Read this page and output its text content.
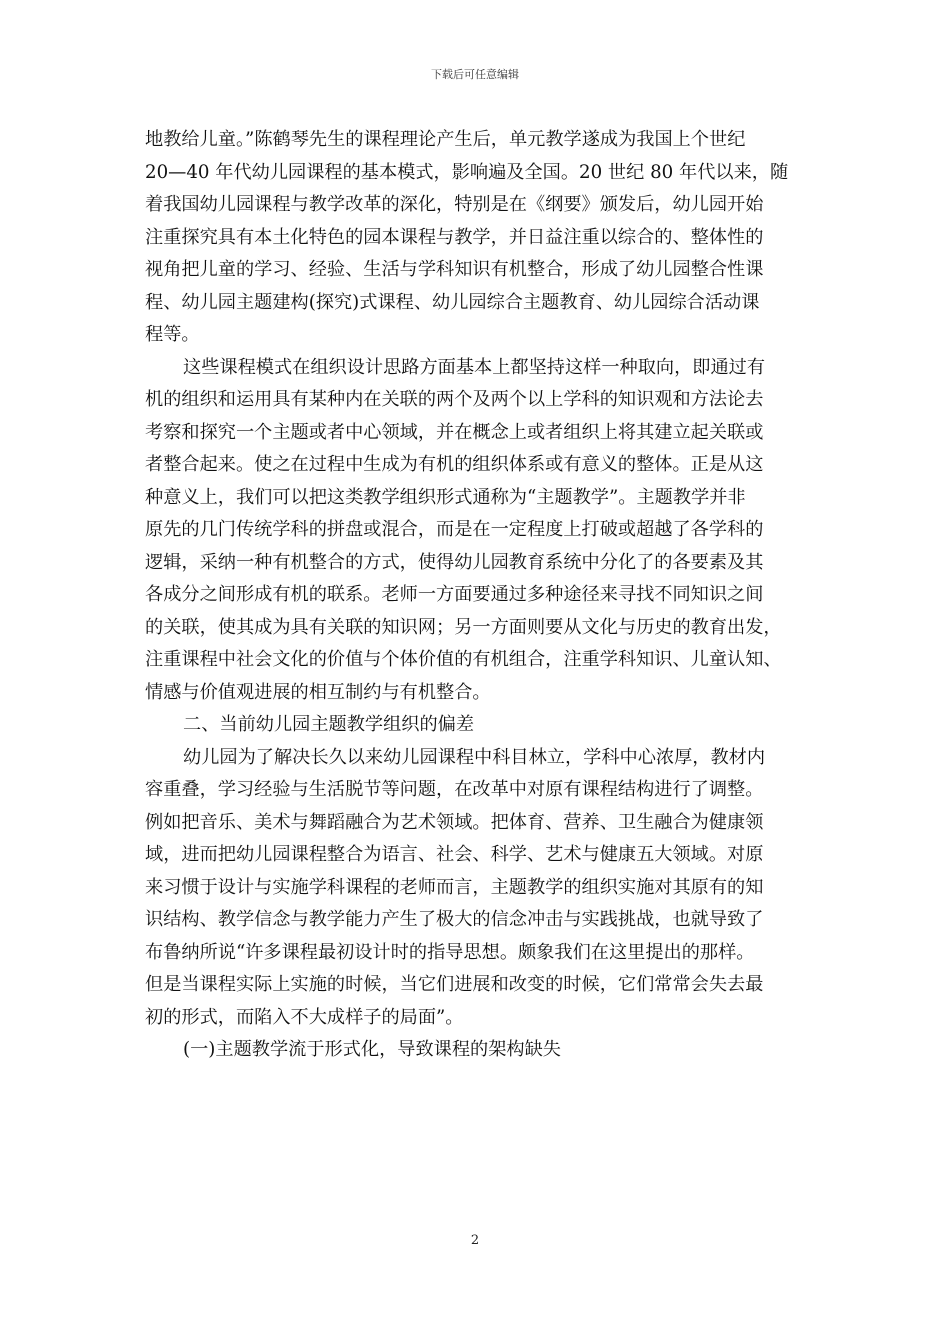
下载后可任意编辑
地教给儿童。”陈鹤琴先生的课程理论产生后，单元教学遂成为我国上个世纪
20—40 年代幼儿园课程的基本模式，影响遍及全国。20 世纪 80 年代以来，随
着我国幼儿园课程与教学改革的深化，特别是在《纲要》颁发后，幼儿园开始
注重探究具有本土化特色的园本课程与教学，并日益注重以综合的、整体性的
视角把儿童的学习、经验、生活与学科知识有机整合，形成了幼儿园整合性课
程、幼儿园主题建构(探究)式课程、幼儿园综合主题教育、幼儿园综合活动课
程等。
这些课程模式在组织设计思路方面基本上都坚持这样一种取向，即通过有
机的组织和运用具有某种内在关联的两个及两个以上学科的知识观和方法论去
考察和探究一个主题或者中心领域，并在概念上或者组织上将其建立起关联或
者整合起来。使之在过程中生成为有机的组织体系或有意义的整体。正是从这
种意义上，我们可以把这类教学组织形式通称为“主题教学”。主题教学并非
原先的几门传统学科的拼盘或混合，而是在一定程度上打破或超越了各学科的
逻辑，采纳一种有机整合的方式，使得幼儿园教育系统中分化了的各要素及其
各成分之间形成有机的联系。老师一方面要通过多种途径来寻找不同知识之间
的关联，使其成为具有关联的知识网；另一方面则要从文化与历史的教育出发，
注重课程中社会文化的价值与个体价值的有机组合，注重学科知识、儿童认知、
情感与价值观进展的相互制约与有机整合。
二、当前幼儿园主题教学组织的偏差
幼儿园为了解决长久以来幼儿园课程中科目林立，学科中心浓厚，教材内
容重叠，学习经验与生活脱节等问题，在改革中对原有课程结构进行了调整。
例如把音乐、美术与舞蹈融合为艺术领域。把体育、营养、卫生融合为健康领
域，进而把幼儿园课程整合为语言、社会、科学、艺术与健康五大领域。对原
来习惯于设计与实施学科课程的老师而言，主题教学的组织实施对其原有的知
识结构、教学信念与教学能力产生了极大的信念冲击与实践挑战，也就导致了
布鲁纳所说“许多课程最初设计时的指导思想。颇象我们在这里提出的那样。
但是当课程实际上实施的时候，当它们进展和改变的时候，它们常常会失去最
初的形式，而陷入不大成样子的局面”。
(一)主题教学流于形式化，导致课程的架构缺失
2
